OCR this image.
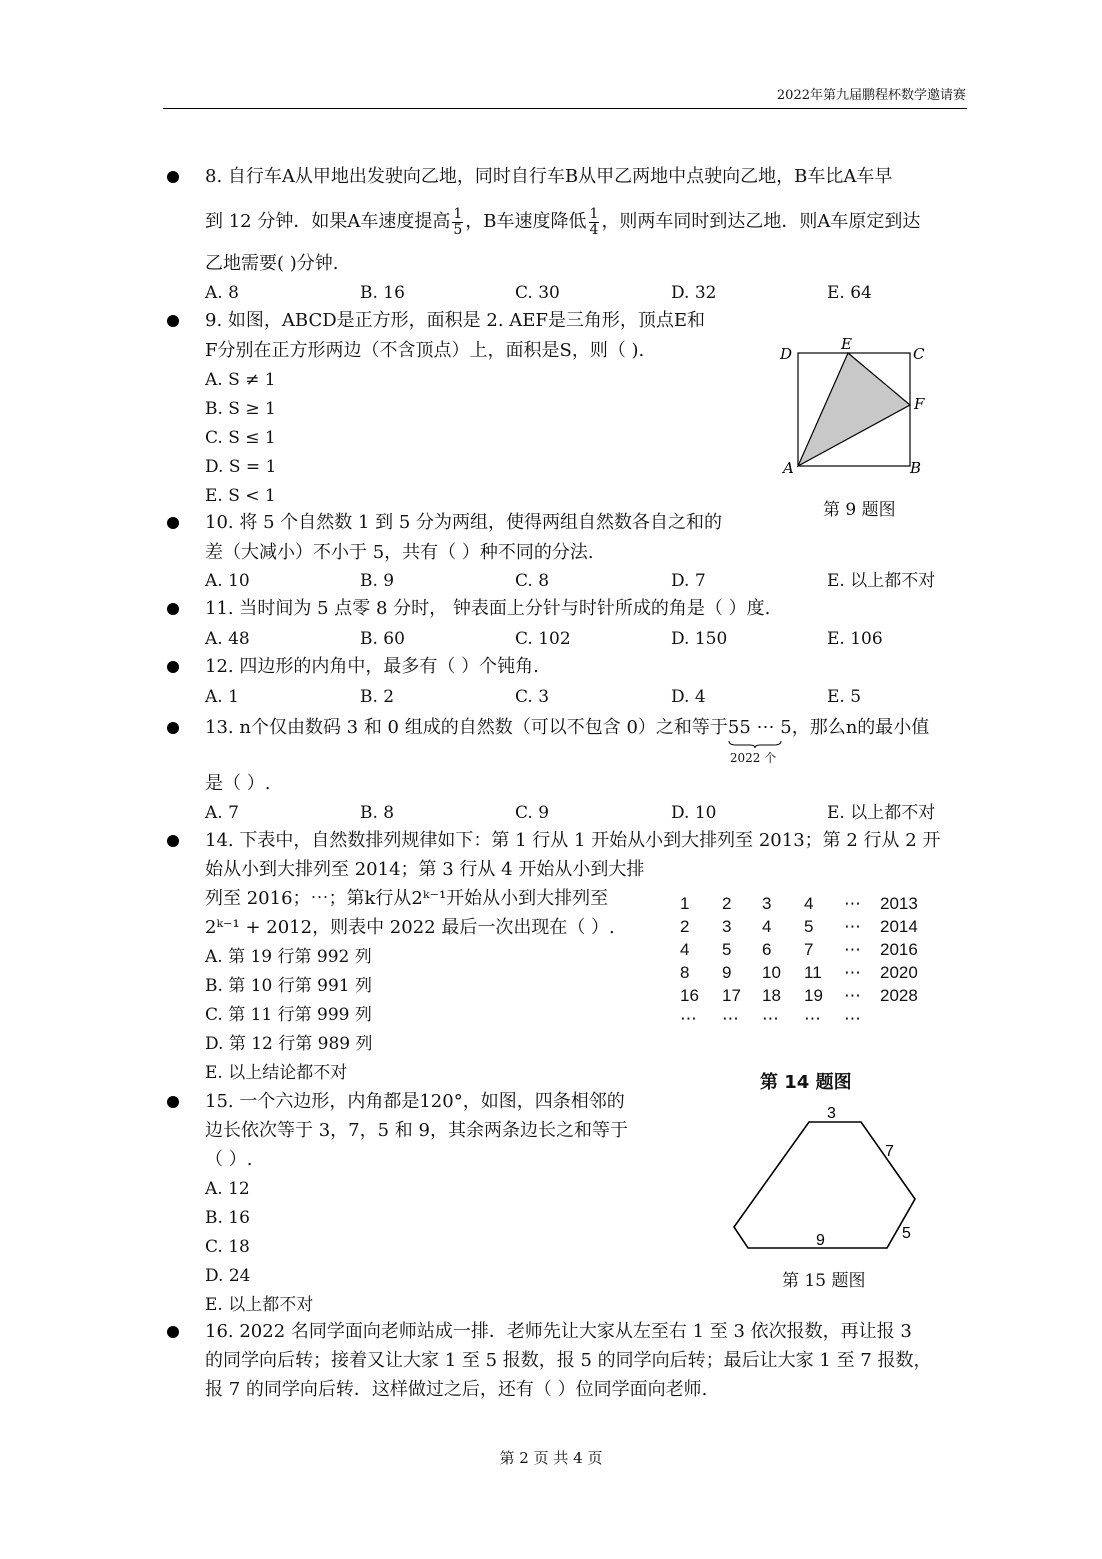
2022年第九届鹏程杯数学邀请赛
8. 自行车A从甲地出发驶向乙地，同时自行车B从甲乙两地中点驶向乙地，B车比A车早
到 12 分钟．如果A车速度提高 $\frac{1}{5}$ ，B车速度降低 $\frac{1}{4}$ ，则两车同时到达乙地．则A车原定到达
乙地需要( )分钟.
A. 8	B. 16	C. 30	D. 32	E. 64
9. 如图，ABCD是正方形，面积是 2. AEF是三角形，顶点E和
F分别在正方形两边（不含顶点）上，面积是S，则（ ).
A. S ≠ 1
B. S ≥ 1
C. S ≤ 1
D. S = 1
E. S < 1
D
E
C
F
A	B
第 9 题图
10. 将 5 个自然数 1 到 5 分为两组，使得两组自然数各自之和的
差（大减小）不小于 5，共有（ ）种不同的分法.
A. 10	B. 9	C. 8	D. 7	E. 以上都不对
11. 当时间为 5 点零 8 分时， 钟表面上分针与时针所成的角是（ ）度.
A. 48	B. 60	C. 102	D. 150	E. 106
12. 四边形的内角中，最多有（ ）个钝角.
A. 1	B. 2	C. 3	D. 4	E. 5
13. n个仅由数码 3 和 0 组成的自然数（可以不包含 0）之和等于55 ⋯ 5
2022 个
，那么n的最小值
是（ ）.
A. 7	B. 8	C. 9	D. 10	E. 以上都不对
14. 下表中，自然数排列规律如下：第 1 行从 1 开始从小到大排列至 2013；第 2 行从 2 开
始从小到大排列至 2014；第 3 行从 4 开始从小到大排
列至 2016；⋯；第k行从2ᵏ⁻¹开始从小到大排列至
2ᵏ⁻¹ + 2012，则表中 2022 最后一次出现在（ ）.
A. 第 19 行第 992 列
B. 第 10 行第 991 列
C. 第 11 行第 999 列
D. 第 12 行第 989 列
E. 以上结论都不对
1 2 3 4 ⋯ 2013
2 3 4 5 ⋯ 2014
4 5 6 7 ⋯ 2016
8 9 10 11 ⋯ 2020
16 17 18 19 ⋯ 2028
⋯ ⋯ ⋯ ⋯ ⋯
第 14 题图
15. 一个六边形，内角都是120°，如图，四条相邻的
边长依次等于 3，7，5 和 9，其余两条边长之和等于
（ ）.
A. 12
B. 16
C. 18
D. 24
E. 以上都不对
3
7
5
9
第 15 题图
16. 2022 名同学面向老师站成一排．老师先让大家从左至右 1 至 3 依次报数，再让报 3
的同学向后转；接着又让大家 1 至 5 报数，报 5 的同学向后转；最后让大家 1 至 7 报数，
报 7 的同学向后转．这样做过之后，还有（ ）位同学面向老师.
第 2 页 共 4 页
